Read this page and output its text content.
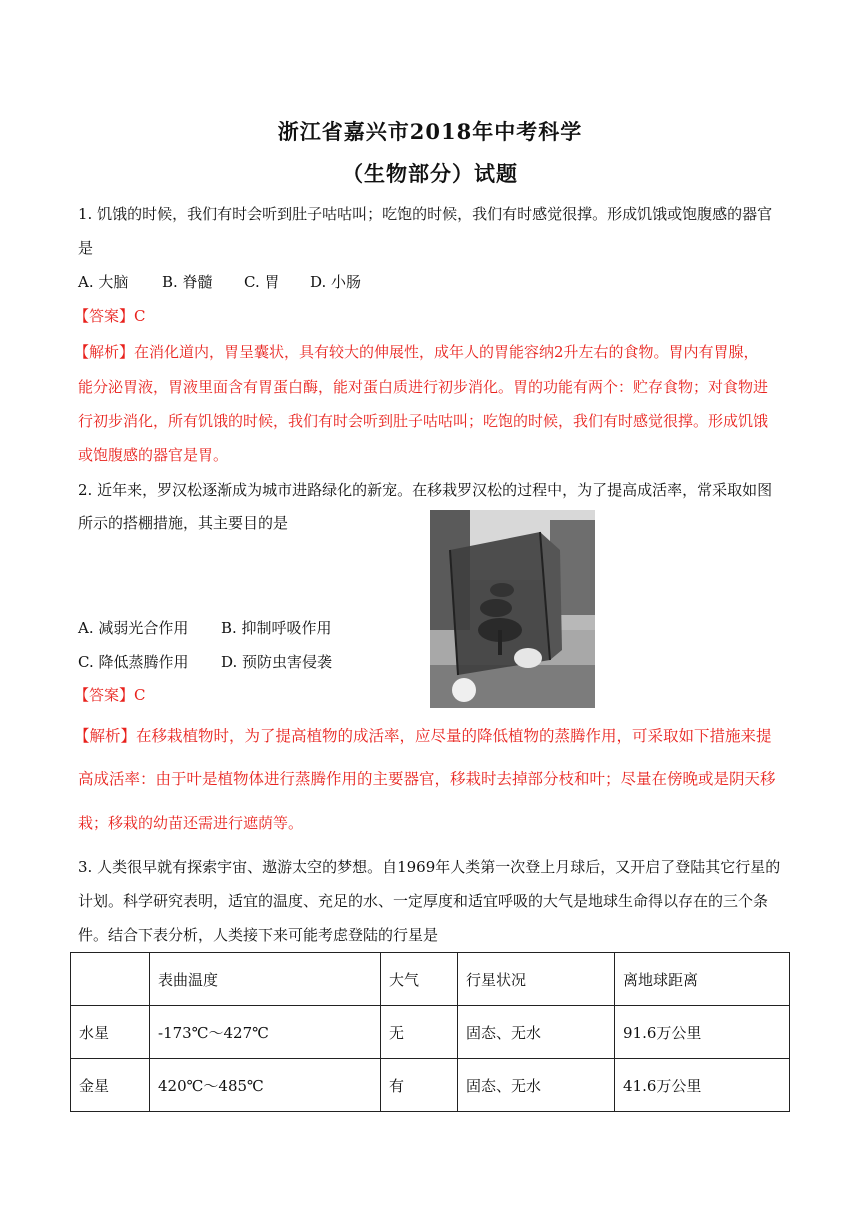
浙江省嘉兴市2018年中考科学
（生物部分）试题
1. 饥饿的时候，我们有时会听到肚子咕咕叫；吃饱的时候，我们有时感觉很撑。形成饥饿或饱腹感的器官
是
A. 大脑 B. 脊髓 C. 胃 D. 小肠
【答案】C
【解析】在消化道内，胃呈囊状，具有较大的伸展性，成年人的胃能容纳2升左右的食物。胃内有胃腺，
能分泌胃液，胃液里面含有胃蛋白酶，能对蛋白质进行初步消化。胃的功能有两个：贮存食物；对食物进
行初步消化，所有饥饿的时候，我们有时会听到肚子咕咕叫；吃饱的时候，我们有时感觉很撑。形成饥饿
或饱腹感的器官是胃。
2. 近年来，罗汉松逐渐成为城市进路绿化的新宠。在移栽罗汉松的过程中，为了提高成活率，常采取如图
所示的搭棚措施，其主要目的是
A. 减弱光合作用 B. 抑制呼吸作用
C. 降低蒸腾作用 D. 预防虫害侵袭
【答案】C
【解析】在移栽植物时，为了提高植物的成活率，应尽量的降低植物的蒸腾作用，可采取如下措施来提
高成活率：由于叶是植物体进行蒸腾作用的主要器官，移栽时去掉部分枝和叶；尽量在傍晚或是阴天移
栽；移栽的幼苗还需进行遮荫等。
3. 人类很早就有探索宇宙、遨游太空的梦想。自1969年人类第一次登上月球后，又开启了登陆其它行星的
计划。科学研究表明，适宜的温度、充足的水、一定厚度和适宜呼吸的大气是地球生命得以存在的三个条
件。结合下表分析，人类接下来可能考虑登陆的行星是
	表曲温度	大气	行星状况	离地球距离
水星	-173℃～427℃	无	固态、无水	91.6万公里
金星	420℃～485℃	有	固态、无水	41.6万公里
